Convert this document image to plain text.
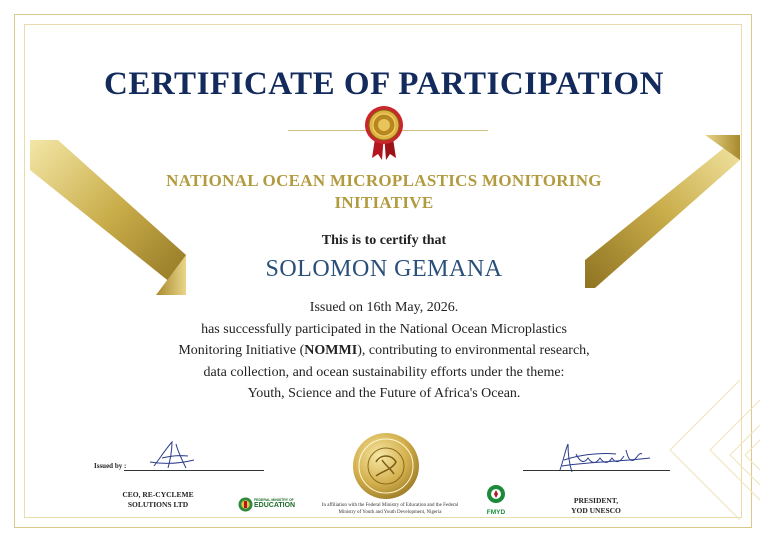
CERTIFICATE OF PARTICIPATION
NATIONAL OCEAN MICROPLASTICS MONITORING INITIATIVE
This is to certify that
SOLOMON GEMANA
Issued on 16th May, 2026.
has successfully participated in the National Ocean Microplastics
Monitoring Initiative (NOMMI), contributing to environmental research,
data collection, and ocean sustainability efforts under the theme:
Youth, Science and the Future of Africa's Ocean.
Issued by :
CEO, RE-CYCLEME
SOLUTIONS LTD	PRESIDENT,
YOD UNESCO
FEDERAL MINISTRY OF
EDUCATION	In affiliation with the Federal Ministry of Education and the Federal
Ministry of Youth and Youth Development, Nigeria	FMYD
